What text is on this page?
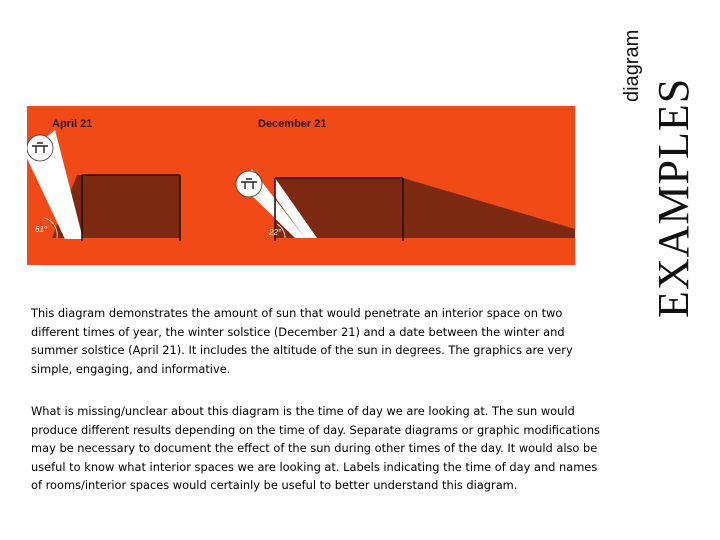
EXAMPLES
diagram
April 21
61°
December 21
22°

This diagram demonstrates the amount of sun that would penetrate an interior space on two different times of year, the winter solstice (December 21) and a date between the winter and summer solstice (April 21). It includes the altitude of the sun in degrees. The graphics are very simple, engaging, and informative.

What is missing/unclear about this diagram is the time of day we are looking at. The sun would produce different results depending on the time of day. Separate diagrams or graphic modifications may be necessary to document the effect of the sun during other times of the day. It would also be useful to know what interior spaces we are looking at. Labels indicating the time of day and names of rooms/interior spaces would certainly be useful to better understand this diagram.
